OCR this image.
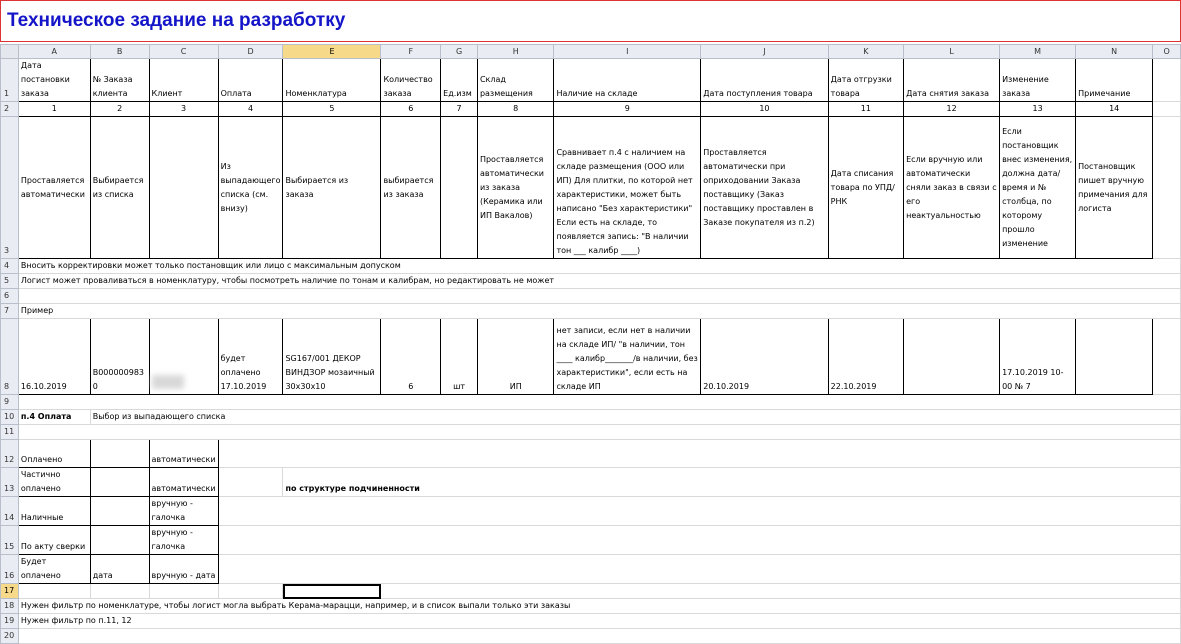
Техническое задание на разработку
	A	B	C	D	E	F	G	H	I	J	K	L	M	N	O
1	Дата постановки заказа	№ Заказа клиента	Клиент	Оплата	Номенклатура	Количество заказа	Ед.изм	Склад размещения	Наличие на складе	Дата поступления товара	Дата отгрузки товара	Дата снятия заказа	Изменение заказа	Примечание	
2	1	2	3	4	5	6	7	8	9	10	11	12	13	14	
3	Проставляется автоматически	Выбирается из списка		Из выпадающего списка (см. внизу)	Выбирается из заказа	выбирается из заказа		Проставляется автоматически из заказа (Керамика или ИП Вакалов)	Сравнивает п.4 с наличием на складе размещения (ООО или ИП) Для плитки, по которой нет характеристики, может быть написано "Без характеристики" Если есть на складе, то появляется запись: "В наличии тон ___ калибр ____)	Проставляется автоматически при оприходовании Заказа поставщику (Заказ поставщику проставлен в Заказе покупателя из п.2)	Дата списания товара по УПД/РНК	Если вручную или автоматически сняли заказ в связи с его неактуальностью	Если постановщик внес изменения, должна дата/время и № столбца, по которому прошло изменение	Постановщик пишет вручную примечания для логиста	
4	Вносить корректировки может только постановщик или лицо с максимальным допуском														
5	Логист может проваливаться в номенклатуру, чтобы посмотреть наличие по тонам и калибрам, но редактировать не может														
6															
7	Пример														
8	16.10.2019	В000000983 0		будет оплачено 17.10.2019	SG167/001 ДЕКОР ВИНДЗОР мозаичный 30х30х10	6	шт	ИП	нет записи, если нет в наличии на складе ИП/ "в наличии, тон ____ калибр_______/в наличии, без характеристики", если есть на складе ИП	20.10.2019	22.10.2019		17.10.2019 10-00 № 7		
9															
10	п.4 Оплата	Выбор из выпадающего списка													
11															
12	Оплачено		автоматически												
13	Частично оплачено		автоматически		по структуре подчиненности										
14	Наличные		вручную - галочка												
15	По акту сверки		вручную - галочка												
16	Будет оплачено	дата	вручную - дата												
17															
18	Нужен фильтр по номенклатуре, чтобы логист могла выбрать Керама-марацци, например, и в список выпали только эти заказы														
19	Нужен фильтр по п.11, 12														
20															
